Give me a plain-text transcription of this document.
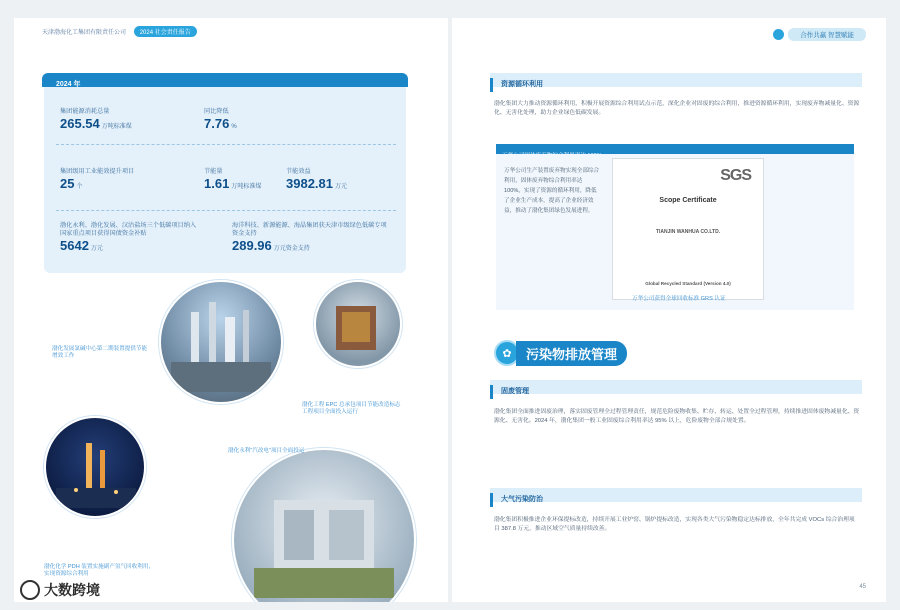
天津渤海化工集团有限责任公司 2024 社会责任报告
2024 年
集团能源消耗总量
265.54 万吨标准煤
同比降低
7.76 %
集团级用工业能效提升项目
25 个
节能量
1.61 万吨标准煤
节能效益
3982.81 万元
渤化永利、渤化发展、汉沽盐场三个低碳项目纳入国家重点项目获得国债资金补贴
5642 万元
海洋科技、新源能源、海晶集团获天津市级绿色低碳专项资金支持
289.96 万元资金支持
渤化发展氯碱中心第二期装置提供节能增效工作
渤化工程 EPC 总承包项目节能改造标志工程项目全面投入运行
渤化永利“汽改电”项目全面投运
渤化化学 PDH 装置实施副产氢气回收利用，实现资源综合利用
合作共赢 智慧赋能
资源循环利用
渤化集团大力推动资源循环利用，积极开展资源综合利用试点示范，深化企业对固废的综合利用，推进资源循环利用，实现废弃物减量化、资源化、无害化处理，助力企业绿色低碳发展。
万华公司生产装置废弃物实现全部综合利用，固体废弃物综合利用率达 100%，实现了资源的循环利用，降低了企业生产成本，提高了企业经济效益，推动了渤化集团绿色发展进程。
SGS
Scope Certificate
TIANJIN WANHUA CO.LTD.
Global Recycled Standard (Version 4.0)
万华公司获得全球回收标准 GRS 认证
✿	污染物排放管理
固废管理
渤化集团全面推进固废治理，落实固废管理全过程管理责任，规范危险废物收集、贮存、转运、处置全过程管理，持续推进固体废物减量化、资源化、无害化。2024 年，渤化集团一般工业固废综合利用率达 95% 以上，危险废物全部合规处置。
大气污染防治
渤化集团积极推进企业环保提标改造，持续开展工业炉窑、锅炉提标改造，实现各类大气污染物稳定达标排放，全年共完成 VOCs 综合治理项目 387.8 万元，推动区域空气质量持续改善。
45
大数跨境
